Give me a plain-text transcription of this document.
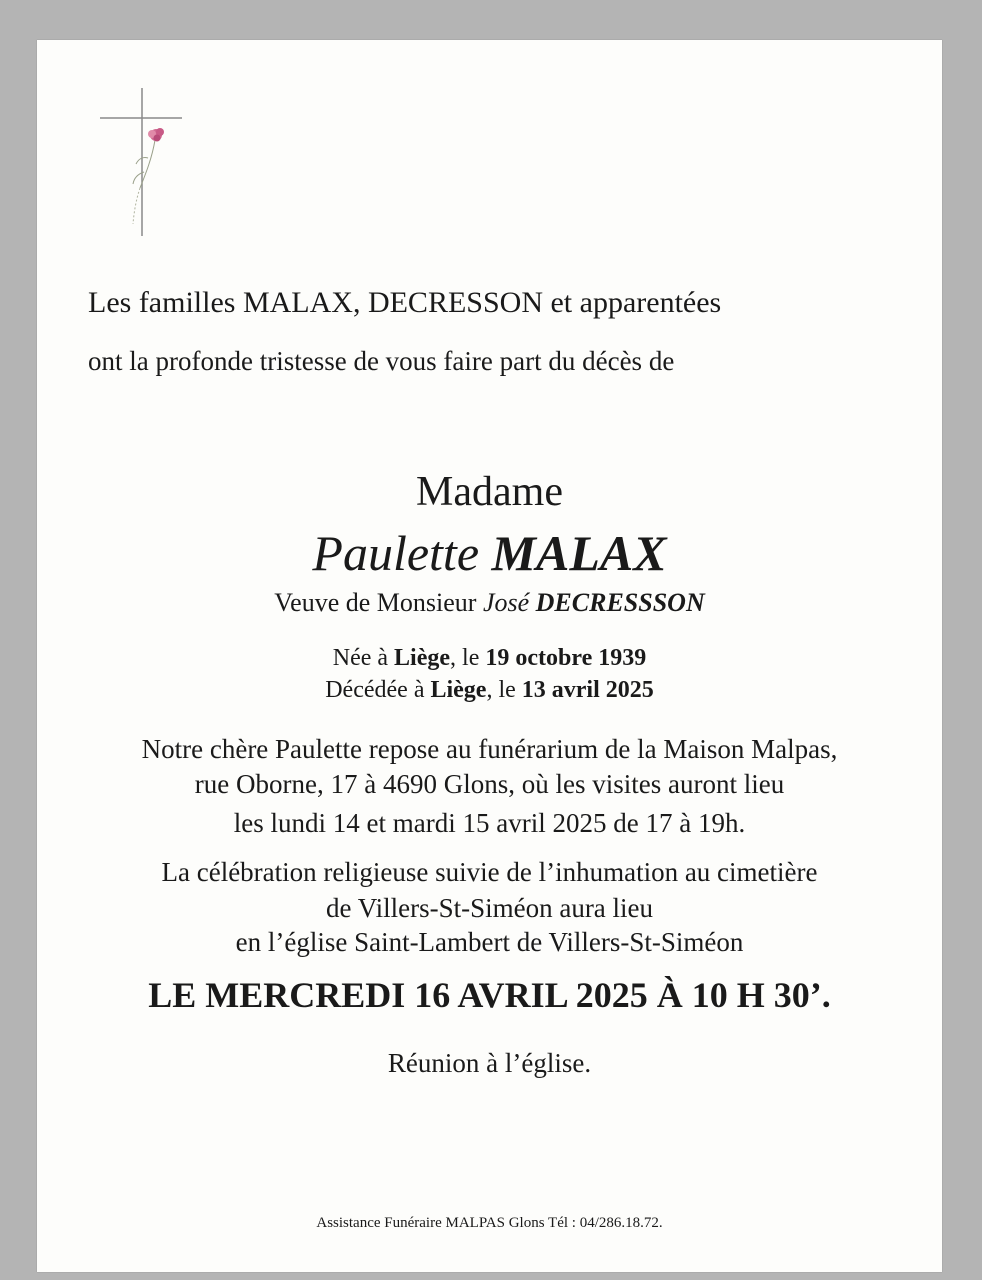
Les familles MALAX, DECRESSON et apparentées
ont la profonde tristesse de vous faire part du décès de
Madame
Paulette MALAX
Veuve de Monsieur José DECRESSSON
Née à Liège, le 19 octobre 1939
Décédée à Liège, le 13 avril 2025
Notre chère Paulette repose au funérarium de la Maison Malpas,
rue Oborne, 17 à 4690 Glons, où les visites auront lieu
les lundi 14 et mardi 15 avril 2025 de 17 à 19h.
La célébration religieuse suivie de l’inhumation au cimetière
de Villers-St-Siméon aura lieu
en l’église Saint-Lambert de Villers-St-Siméon
LE MERCREDI 16 AVRIL 2025 À 10 H 30’.
Réunion à l’église.
Assistance Funéraire MALPAS Glons Tél : 04/286.18.72.
